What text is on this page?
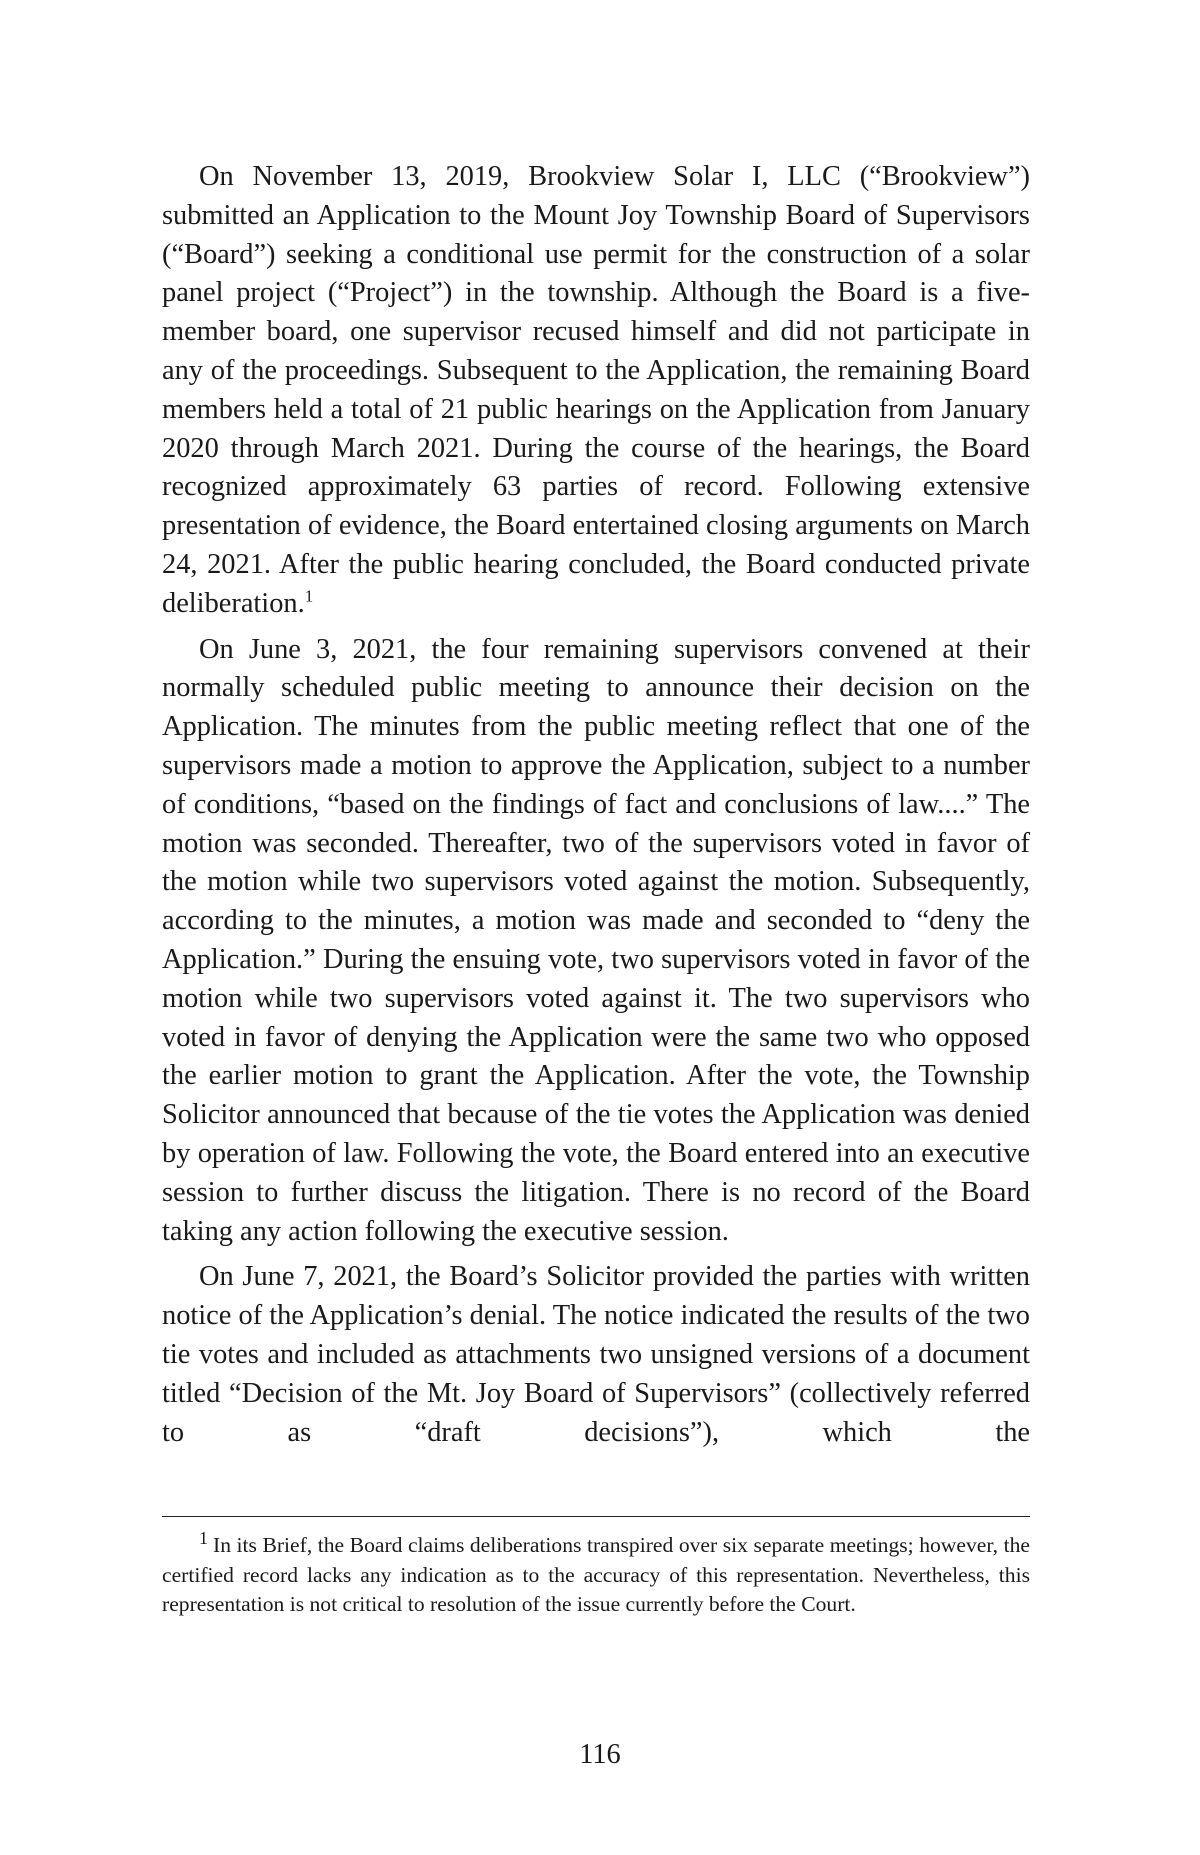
On November 13, 2019, Brookview Solar I, LLC (“Brookview”) submitted an Application to the Mount Joy Township Board of Supervisors (“Board”) seeking a conditional use permit for the construction of a solar panel project (“Project”) in the township. Although the Board is a five-member board, one supervisor recused himself and did not participate in any of the proceedings. Subsequent to the Application, the remaining Board members held a total of 21 public hearings on the Application from January 2020 through March 2021. During the course of the hearings, the Board recognized approximately 63 parties of record. Following extensive presentation of evidence, the Board entertained closing arguments on March 24, 2021. After the public hearing concluded, the Board conducted private deliberation.$^1$

On June 3, 2021, the four remaining supervisors convened at their normally scheduled public meeting to announce their decision on the Application. The minutes from the public meeting reflect that one of the supervisors made a motion to approve the Application, subject to a number of conditions, “based on the findings of fact and conclusions of law....” The motion was seconded. Thereafter, two of the supervisors voted in favor of the motion while two supervisors voted against the motion. Subsequently, according to the minutes, a motion was made and seconded to “deny the Application.” During the ensuing vote, two supervisors voted in favor of the motion while two supervisors voted against it. The two supervisors who voted in favor of denying the Application were the same two who opposed the earlier motion to grant the Application. After the vote, the Township Solicitor announced that because of the tie votes the Application was denied by operation of law. Following the vote, the Board entered into an executive session to further discuss the litigation. There is no record of the Board taking any action following the executive session.

On June 7, 2021, the Board’s Solicitor provided the parties with written notice of the Application’s denial. The notice indicated the results of the two tie votes and included as attachments two unsigned versions of a document titled “Decision of the Mt. Joy Board of Supervisors” (collectively referred to as “draft decisions”), which the

$^1$ In its Brief, the Board claims deliberations transpired over six separate meetings; however, the certified record lacks any indication as to the accuracy of this representation. Nevertheless, this representation is not critical to resolution of the issue currently before the Court.

116
